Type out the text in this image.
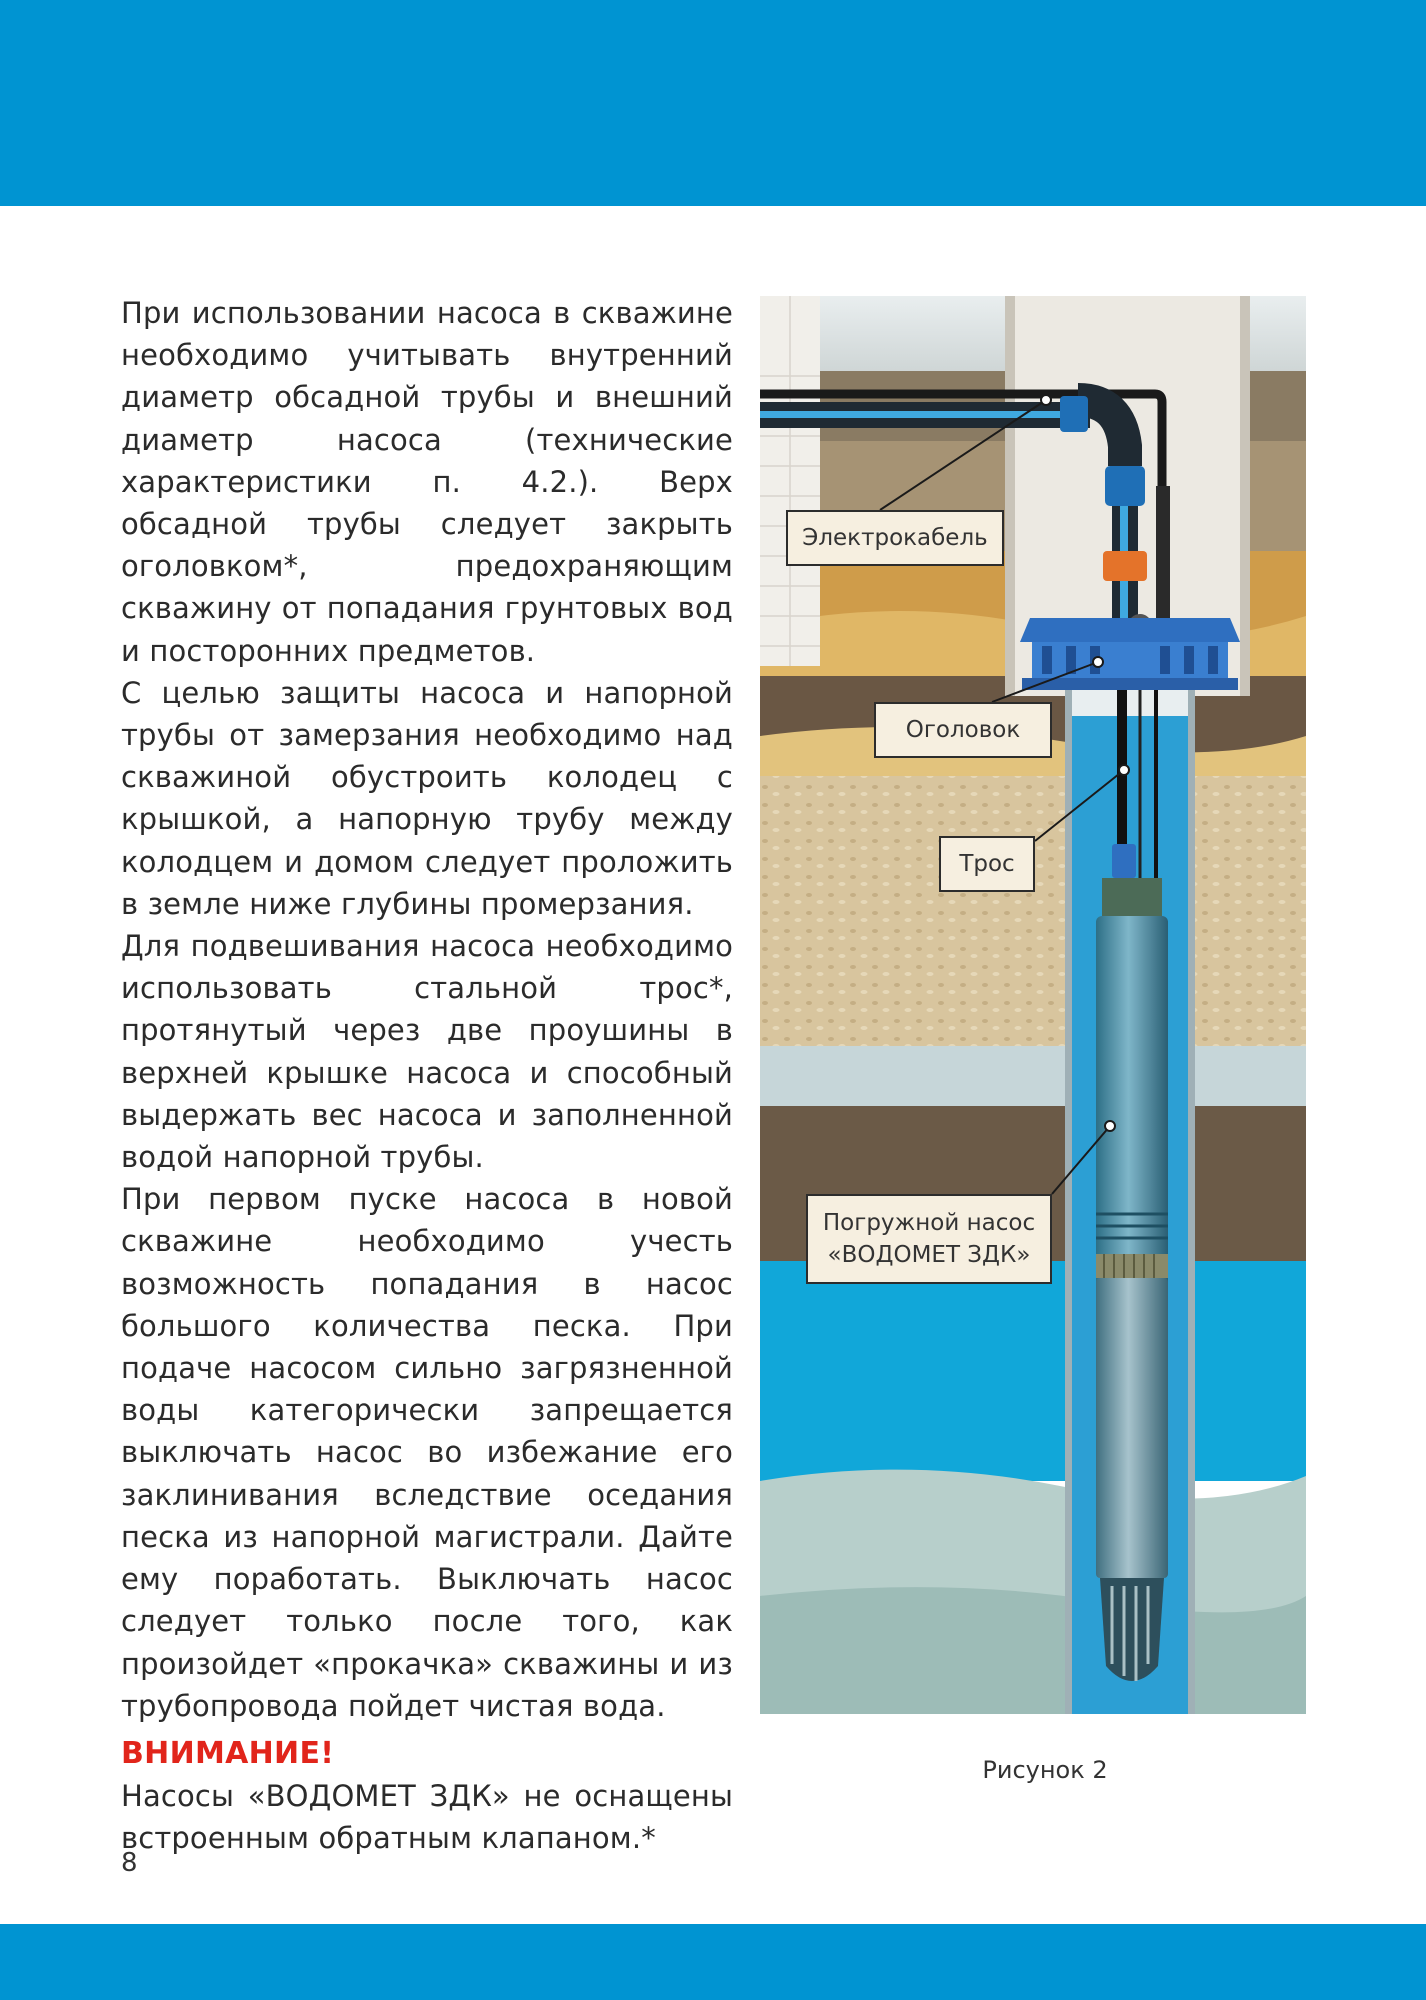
При использовании насоса в скважине необходимо учитывать внутренний диаметр обсадной трубы и внешний диаметр насоса (технические характеристики п. 4.2.). Верх обсадной трубы следует закрыть оголовком*, предохраняющим скважину от попадания грунтовых вод и посторонних предметов.

С целью защиты насоса и напорной трубы от замерзания необходимо над скважиной обустроить колодец с крышкой, а напорную трубу между колодцем и домом следует проложить в земле ниже глубины промерзания.

Для подвешивания насоса необходимо использовать стальной трос*, протянутый через две проушины в верхней крышке насоса и способный выдержать вес насоса и заполненной водой напорной трубы.

При первом пуске насоса в новой скважине необходимо учесть возможность попадания в насос большого количества песка. При подаче насосом сильно загрязненной воды категорически запрещается выключать насос во избежание его заклинивания вследствие оседания песка из напорной магистрали. Дайте ему поработать. Выключать насос следует только после того, как произойдет «прокачка» скважины и из трубопровода пойдет чистая вода.

ВНИМАНИЕ!

Насосы «ВОДОМЕТ ЗДК» не оснащены встроенным обратным клапаном.*

Электрокабель
Оголовок
Трос
Погружной насос
«ВОДОМЕТ ЗДК»
Рисунок 2
8
